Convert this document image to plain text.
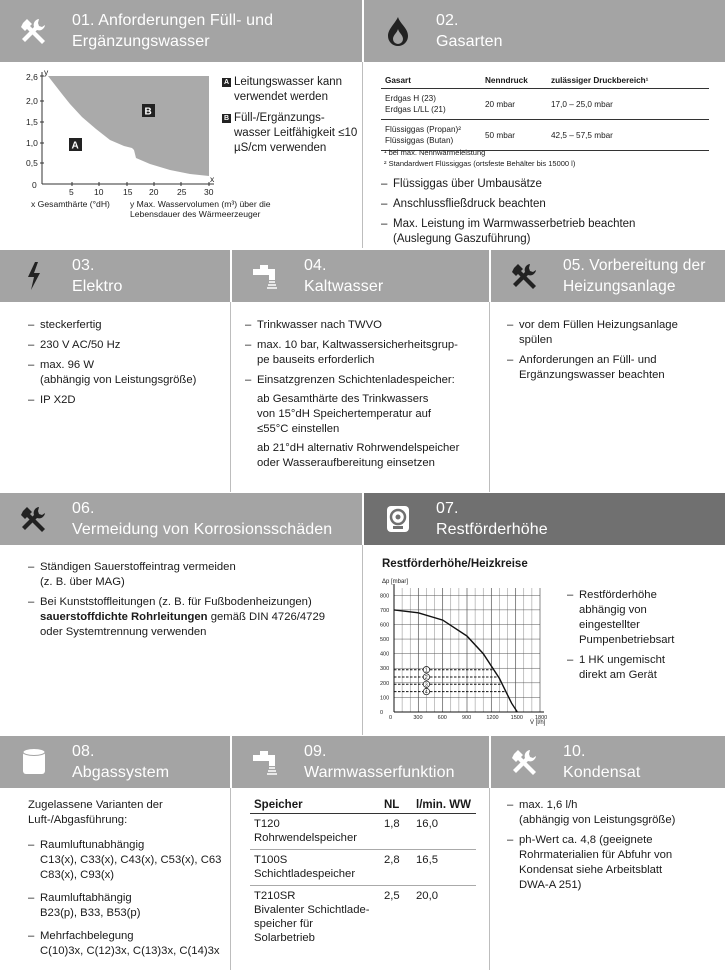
01. Anforderungen Füll- und
Ergänzungswasser
02.
Gasarten
03.
Elektro
04.
Kaltwasser
05. Vorbereitung der
Heizungsanlage
06.
Vermeidung von Korrosionsschäden
07.
Restförderhöhe
08.
Abgassystem
09.
Warmwasserfunktion
10.
Kondensat
y
x
2,6
2,0
1,5
1,0
0,5
0
5 10 15 20 25 30
A
B
x Gesamthärte (°dH)	y Max. Wasservolumen (m³) über die Lebensdauer des Wärmeerzeuger
A Leitungswasser kann verwendet werden
B Füll-/Ergänzungs- wasser Leitfähigkeit ≤10 µS/cm verwenden
Gasart	Nenndruck	zulässiger Druckbereich¹

Erdgas H (23)
Erdgas L/LL (21)	20 mbar	17,0 – 25,0 mbar

Flüssiggas (Propan)²
Flüssiggas (Butan)	50 mbar	42,5 – 57,5 mbar
¹ bei max. Nennwärmeleistung
² Standardwert Flüssiggas (ortsfeste Behälter bis 15000 l)
– Flüssiggas über Umbausätze
– Anschlussfließdruck beachten
– Max. Leistung im Warmwasserbetrieb beachten
(Auslegung Gaszuführung)
– steckerfertig
– 230 V AC/50 Hz
– max. 96 W
(abhängig von Leistungsgröße)
– IP X2D
– Trinkwasser nach TWVO
– max. 10 bar, Kaltwassersicherheitsgrup-
pe bauseits erforderlich
– Einsatzgrenzen Schichtenladespeicher:
ab Gesamthärte des Trinkwassers
von 15°dH Speichertemperatur auf
≤55°C einstellen
ab 21°dH alternativ Rohrwendelspeicher
oder Wasseraufbereitung einsetzen
– vor dem Füllen Heizungsanlage
spülen
– Anforderungen an Füll- und
Ergänzungswasser beachten
– Ständigen Sauerstoffeintrag vermeiden
(z. B. über MAG)
– Bei Kunststoffleitungen (z. B. für Fußbodenheizungen)
sauerstoffdichte Rohrleitungen gemäß DIN 4726/4729
oder Systemtrennung verwenden
Restförderhöhe/Heizkreise
Δp [mbar]
V̇ [l/h]
0	300	600	900	1200 1500 1800
0
100
200
300
400
500
600
700
800
1
2
3
4
– Restförderhöhe
abhängig von
eingestellter
Pumpenbetriebsart
– 1 HK ungemischt
direkt am Gerät
Zugelassene Varianten der
Luft-/Abgasführung:
– Raumluftunabhängig
C13(x), C33(x), C43(x), C53(x), C63
C83(x), C93(x)
– Raumluftabhängig
B23(p), B33, B53(p)
– Mehrfachbelegung
C(10)3x, C(12)3x, C(13)3x, C(14)3x
Speicher	NL	l/min. WW

T120
Rohrwendelspeicher	1,8	16,0

T100S
Schichtladespeicher	2,8	16,5

T210SR
Bivalenter Schichtlade-
speicher für Solarbetrieb	2,5	20,0
– max. 1,6 l/h
(abhängig von Leistungsgröße)
– ph-Wert ca. 4,8 (geeignete
Rohrmaterialien für Abfuhr von
Kondensat siehe Arbeitsblatt
DWA-A 251)
